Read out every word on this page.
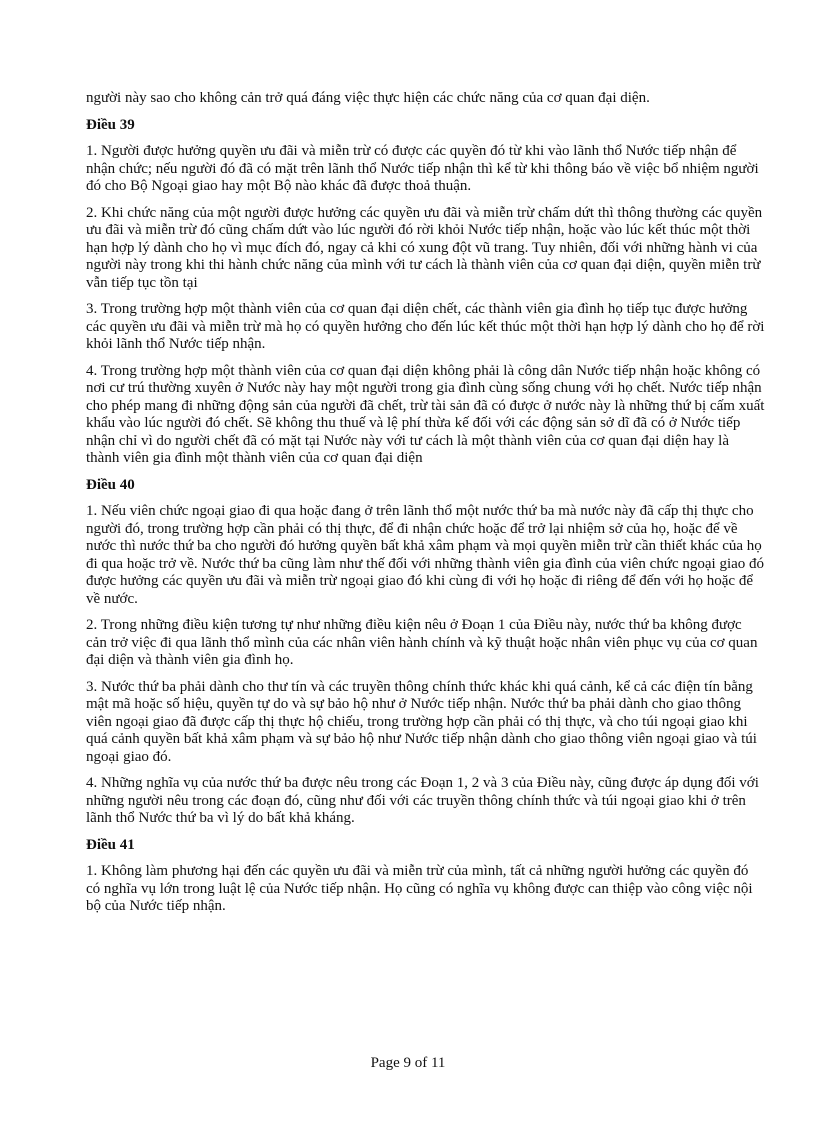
người này sao cho không cản trở quá đáng việc thực hiện các chức năng của cơ quan đại diện.

Điều 39

1. Người được hưởng quyền ưu đãi và miễn trừ có được các quyền đó từ khi vào lãnh thổ Nước tiếp nhận để nhận chức; nếu người đó đã có mặt trên lãnh thổ Nước tiếp nhận thì kể từ khi thông báo về việc bổ nhiệm người đó cho Bộ Ngoại giao hay một Bộ nào khác đã được thoả thuận.

2. Khi chức năng của một người được hưởng các quyền ưu đãi và miễn trừ chấm dứt thì thông thường các quyền ưu đãi và miễn trừ đó cũng chấm dứt vào lúc người đó rời khỏi Nước tiếp nhận, hoặc vào lúc kết thúc một thời hạn hợp lý dành cho họ vì mục đích đó, ngay cả khi có xung đột vũ trang. Tuy nhiên, đối với những hành vi của người này trong khi thi hành chức năng của mình với tư cách là thành viên của cơ quan đại diện, quyền miễn trừ vẫn tiếp tục tồn tại

3. Trong trường hợp một thành viên của cơ quan đại diện chết, các thành viên gia đình họ tiếp tục được hưởng các quyền ưu đãi và miễn trừ mà họ có quyền hưởng cho đến lúc kết thúc một thời hạn hợp lý dành cho họ để rời khỏi lãnh thổ Nước tiếp nhận.

4. Trong trường hợp một thành viên của cơ quan đại diện không phải là công dân Nước tiếp nhận hoặc không có nơi cư trú thường xuyên ở Nước này hay một người trong gia đình cùng sống chung với họ chết. Nước tiếp nhận cho phép mang đi những động sản của người đã chết, trừ tài sản đã có được ở nước này là những thứ bị cấm xuất khẩu vào lúc người đó chết. Sẽ không thu thuế và lệ phí thừa kế đối với các động sản sở dĩ đã có ở Nước tiếp nhận chỉ vì do người chết đã có mặt tại Nước này với tư cách là một thành viên của cơ quan đại diện hay là thành viên gia đình một thành viên của cơ quan đại diện

Điều 40

1. Nếu viên chức ngoại giao đi qua hoặc đang ở trên lãnh thổ một nước thứ ba mà nước này đã cấp thị thực cho người đó, trong trường hợp cần phải có thị thực, để đi nhận chức hoặc để trở lại nhiệm sở của họ, hoặc để về nước thì nước thứ ba cho người đó hưởng quyền bất khả xâm phạm và mọi quyền miễn trừ cần thiết khác của họ đi qua hoặc trở về. Nước thứ ba cũng làm như thế đối với những thành viên gia đình của viên chức ngoại giao đó được hưởng các quyền ưu đãi và miễn trừ ngoại giao đó khi cùng đi với họ hoặc đi riêng để đến với họ hoặc để về nước.

2. Trong những điều kiện tương tự như những điều kiện nêu ở Đoạn 1 của Điều này, nước thứ ba không được cản trở việc đi qua lãnh thổ mình của các nhân viên hành chính và kỹ thuật hoặc nhân viên phục vụ của cơ quan đại diện và thành viên gia đình họ.

3. Nước thứ ba phải dành cho thư tín và các truyền thông chính thức khác khi quá cảnh, kể cả các điện tín bằng mật mã hoặc số hiệu, quyền tự do và sự bảo hộ như ở Nước tiếp nhận. Nước thứ ba phải dành cho giao thông viên ngoại giao đã được cấp thị thực hộ chiếu, trong trường hợp cần phải có thị thực, và cho túi ngoại giao khi quá cảnh quyền bất khả xâm phạm và sự bảo hộ như Nước tiếp nhận dành cho giao thông viên ngoại giao và túi ngoại giao đó.

4. Những nghĩa vụ của nước thứ ba được nêu trong các Đoạn 1, 2 và 3 của Điều này, cũng được áp dụng đối với những người nêu trong các đoạn đó, cũng như đối với các truyền thông chính thức và túi ngoại giao khi ở trên lãnh thổ Nước thứ ba vì lý do bất khả kháng.

Điều 41

1. Không làm phương hại đến các quyền ưu đãi và miễn trừ của mình, tất cả những người hưởng các quyền đó có nghĩa vụ lớn trong luật lệ của Nước tiếp nhận. Họ cũng có nghĩa vụ không được can thiệp vào công việc nội bộ của Nước tiếp nhận.

Page 9 of 11
